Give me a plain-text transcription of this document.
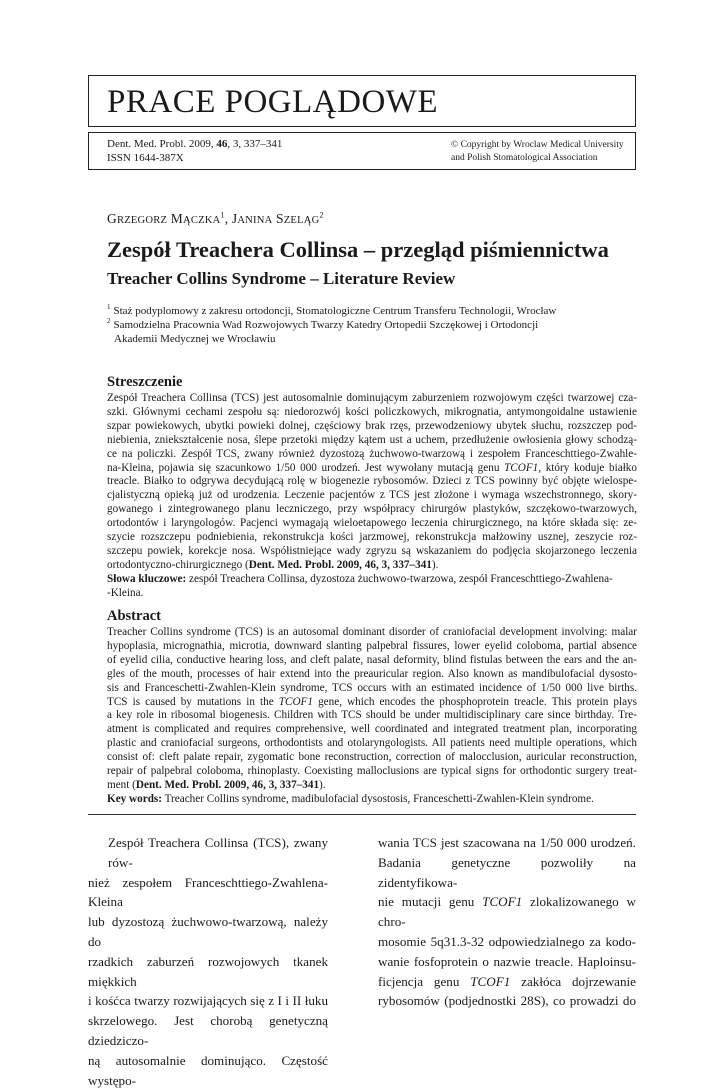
PRACE POGLĄDOWE
Dent. Med. Probl. 2009, 46, 3, 337–341
ISSN 1644-387X
© Copyright by Wroclaw Medical University
and Polish Stomatological Association
GRZEGORZ MĄCZKA$^1$, JANINA SZELĄG$^2$
Zespół Treachera Collinsa – przegląd piśmiennictwa
Treacher Collins Syndrome – Literature Review
$^1$ Staż podyplomowy z zakresu ortodoncji, Stomatologiczne Centrum Transferu Technologii, Wrocław
$^2$ Samodzielna Pracownia Wad Rozwojowych Twarzy Katedry Ortopedii Szczękowej i Ortodoncji
Akademii Medycznej we Wrocławiu
Streszczenie
Zespół Treachera Collinsa (TCS) jest autosomalnie dominującym zaburzeniem rozwojowym części twarzowej cza-
szki. Głównymi cechami zespołu są: niedorozwój kości policzkowych, mikrognatia, antymongoidalne ustawienie
szpar powiekowych, ubytki powieki dolnej, częściowy brak rzęs, przewodzeniowy ubytek słuchu, rozszczep pod-
niebienia, zniekształcenie nosa, ślepe przetoki między kątem ust a uchem, przedłużenie owłosienia głowy schodzą-
ce na policzki. Zespół TCS, zwany również dyzostozą żuchwowo-twarzową i zespołem Franceschttiego-Zwahle-
na-Kleina, pojawia się szacunkowo 1/50 000 urodzeń. Jest wywołany mutacją genu TCOF1, który koduje białko
treacle. Białko to odgrywa decydującą rolę w biogenezie rybosomów. Dzieci z TCS powinny być objęte wielospe-
cjalistyczną opieką już od urodzenia. Leczenie pacjentów z TCS jest złożone i wymaga wszechstronnego, skory-
gowanego i zintegrowanego planu leczniczego, przy współpracy chirurgów plastyków, szczękowo-twarzowych,
ortodontów i laryngologów. Pacjenci wymagają wieloetapowego leczenia chirurgicznego, na które składa się: ze-
szycie rozszczepu podniebienia, rekonstrukcja kości jarzmowej, rekonstrukcja małżowiny usznej, zeszycie roz-
szczepu powiek, korekcje nosa. Współistniejące wady zgryzu są wskazaniem do podjęcia skojarzonego leczenia
ortodontyczno-chirurgicznego (Dent. Med. Probl. 2009, 46, 3, 337–341).
Słowa kluczowe: zespół Treachera Collinsa, dyzostoza żuchwowo-twarzowa, zespół Franceschttiego-Zwahlena-
-Kleina.
Abstract
Treacher Collins syndrome (TCS) is an autosomal dominant disorder of craniofacial development involving: malar
hypoplasia, micrognathia, microtia, downward slanting palpebral fissures, lower eyelid coloboma, partial absence
of eyelid cilia, conductive hearing loss, and cleft palate, nasal deformity, blind fistulas between the ears and the an-
gles of the mouth, processes of hair extend into the preauricular region. Also known as mandibulofacial dysosto-
sis and Franceschetti-Zwahlen-Klein syndrome, TCS occurs with an estimated incidence of 1/50 000 live births.
TCS is caused by mutations in the TCOF1 gene, which encodes the phosphoprotein treacle. This protein plays
a key role in ribosomal biogenesis. Children with TCS should be under multidisciplinary care since birthday. Tre-
atment is complicated and requires comprehensive, well coordinated and integrated treatment plan, incorporating
plastic and craniofacial surgeons, orthodontists and otolaryngologists. All patients need multiple operations, which
consist of: cleft palate repair, zygomatic bone reconstruction, correction of malocclusion, auricular reconstruction,
repair of palpebral coloboma, rhinoplasty. Coexisting malloclusions are typical signs for orthodontic surgery treat-
ment (Dent. Med. Probl. 2009, 46, 3, 337–341).
Key words: Treacher Collins syndrome, madibulofacial dysostosis, Franceschetti-Zwahlen-Klein syndrome.
Zespół Treachera Collinsa (TCS), zwany rów-
nież zespołem Franceschttiego-Zwahlena-Kleina
lub dyzostozą żuchwowo-twarzową, należy do
rzadkich zaburzeń rozwojowych tkanek miękkich
i kośćca twarzy rozwijających się z I i II łuku
skrzelowego. Jest chorobą genetyczną dziedziczo-
ną autosomalnie dominująco. Częstość występo-
wania TCS jest szacowana na 1/50 000 urodzeń.
Badania genetyczne pozwoliły na zidentyfikowa-
nie mutacji genu TCOF1 zlokalizowanego w chro-
mosomie 5q31.3-32 odpowiedzialnego za kodo-
wanie fosfoprotein o nazwie treacle. Haploinsu-
ficjencja genu TCOF1 zakłóca dojrzewanie
rybosomów (podjednostki 28S), co prowadzi do
